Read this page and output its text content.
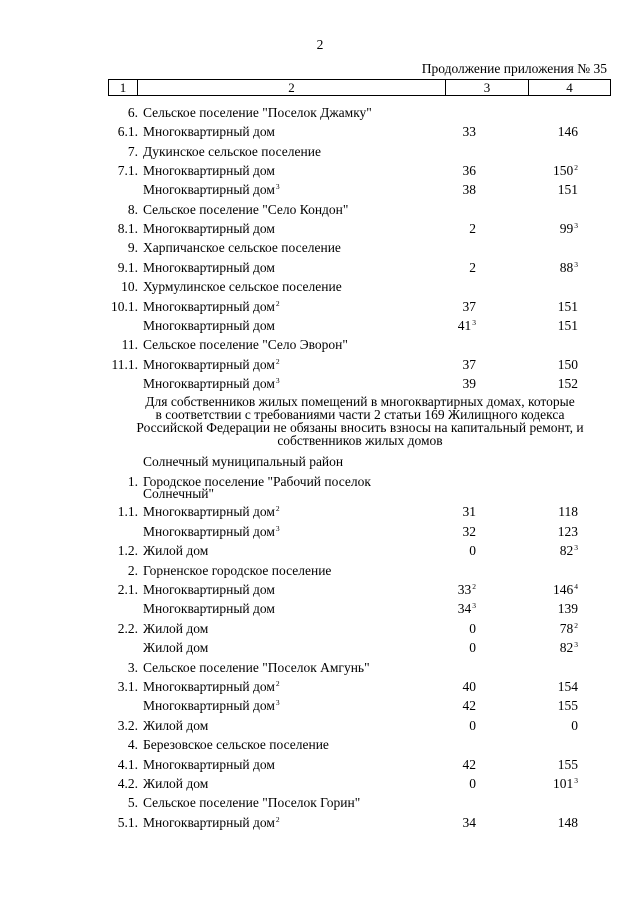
2
Продолжение приложения № 35
1	2	3	4
6. Сельское поселение "Поселок Джамку"
6.1. Многоквартирный дом	33	146
7. Дукинское сельское поселение
7.1. Многоквартирный дом	36	$150^2$
Многоквартирный дом$^3$	38	151
8. Сельское поселение "Село Кондон"
8.1. Многоквартирный дом	2	$99^3$
9. Харпичанское сельское поселение
9.1. Многоквартирный дом	2	$88^3$
10. Хурмулинское сельское поселение
10.1. Многоквартирный дом$^2$	37	151
Многоквартирный дом	$41^3$	151
11. Сельское поселение "Село Эворон"
11.1. Многоквартирный дом$^2$	37	150
Многоквартирный дом$^3$	39	152
Для собственников жилых помещений в многоквартирных домах, которые
в соответствии с требованиями части 2 статьи 169 Жилищного кодекса
Российской Федерации не обязаны вносить взносы на капитальный ремонт, и
собственников жилых домов
Солнечный муниципальный район
1. Городское поселение "Рабочий поселок
Солнечный"
1.1. Многоквартирный дом$^2$	31	118
Многоквартирный дом$^3$	32	123
1.2. Жилой дом	0	$82^3$
2. Горненское городское поселение
2.1. Многоквартирный дом	$33^2$	$146^4$
Многоквартирный дом	$34^3$	139
2.2. Жилой дом	0	$78^2$
Жилой дом	0	$82^3$
3. Сельское поселение "Поселок Амгунь"
3.1. Многоквартирный дом$^2$	40	154
Многоквартирный дом$^3$	42	155
3.2. Жилой дом	0	0
4. Березовское сельское поселение
4.1. Многоквартирный дом	42	155
4.2. Жилой дом	0	$101^3$
5. Сельское поселение "Поселок Горин"
5.1. Многоквартирный дом$^2$	34	148
